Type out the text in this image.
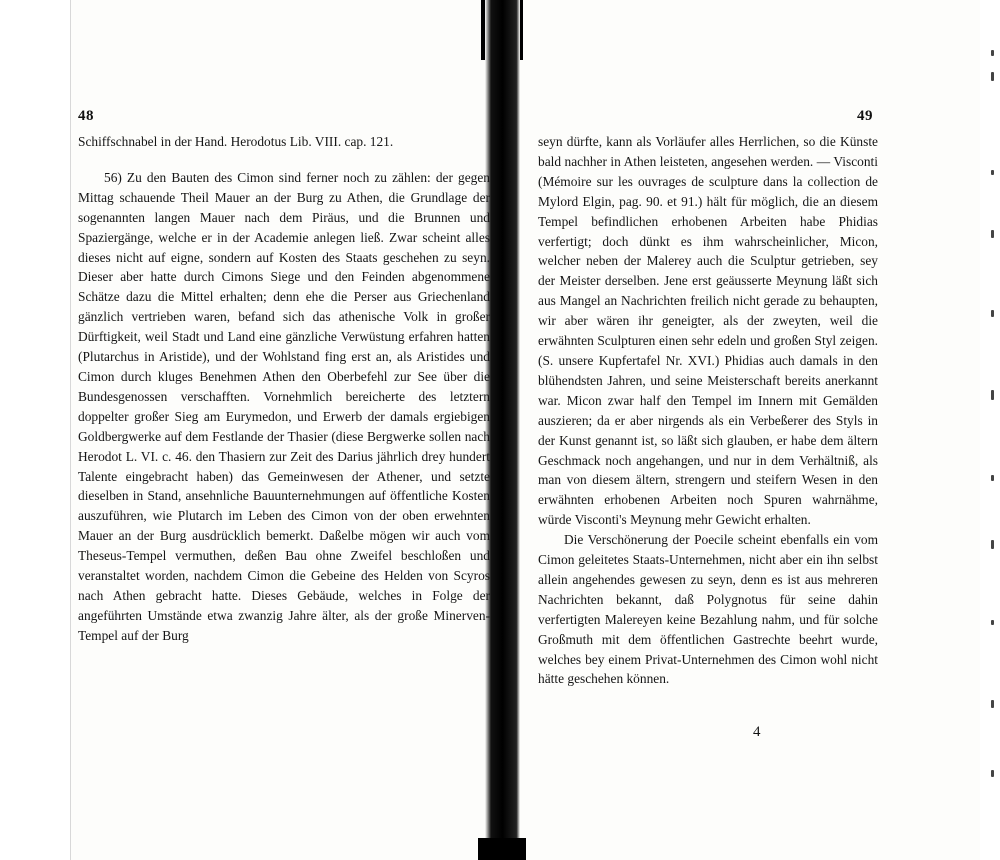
48	49

Schiffschnabel in der Hand. Herodotus Lib. VIII. cap. 121.

56) Zu den Bauten des Cimon sind ferner noch zu zählen: der gegen Mittag schauende Theil Mauer an der Burg zu Athen, die Grundlage der sogenannten langen Mauer nach dem Piräus, und die Brunnen und Spaziergänge, welche er in der Academie anlegen ließ. Zwar scheint alles dieses nicht auf eigne, sondern auf Kosten des Staats geschehen zu seyn. Dieser aber hatte durch Cimons Siege und den Feinden abgenommene Schätze dazu die Mittel erhalten; denn ehe die Perser aus Griechenland gänzlich vertrieben waren, befand sich das athenische Volk in großer Dürftigkeit, weil Stadt und Land eine gänzliche Verwüstung erfahren hatten (Plutarchus in Aristide), und der Wohlstand fing erst an, als Aristides und Cimon durch kluges Benehmen Athen den Oberbefehl zur See über die Bundesgenossen verschafften. Vornehmlich bereicherte des letztern doppelter großer Sieg am Eurymedon, und Erwerb der damals ergiebigen Goldbergwerke auf dem Festlande der Thasier (diese Bergwerke sollen nach Herodot L. VI. c. 46. den Thasiern zur Zeit des Darius jährlich drey hundert Talente eingebracht haben) das Gemeinwesen der Athener, und setzte dieselben in Stand, ansehnliche Bauunternehmungen auf öffentliche Kosten auszuführen, wie Plutarch im Leben des Cimon von der oben erwehnten Mauer an der Burg ausdrücklich bemerkt. Daßelbe mögen wir auch vom Theseus-Tempel vermuthen, deßen Bau ohne Zweifel beschloßen und veranstaltet worden, nachdem Cimon die Gebeine des Helden von Scyros nach Athen gebracht hatte. Dieses Gebäude, welches in Folge der angeführten Umstände etwa zwanzig Jahre älter, als der große Minerven-Tempel auf der Burg

seyn dürfte, kann als Vorläufer alles Herrlichen, so die Künste bald nachher in Athen leisteten, angesehen werden. — Visconti (Mémoire sur les ouvrages de sculpture dans la collection de Mylord Elgin, pag. 90. et 91.) hält für möglich, die an diesem Tempel befindlichen erhobenen Arbeiten habe Phidias verfertigt; doch dünkt es ihm wahrscheinlicher, Micon, welcher neben der Malerey auch die Sculptur getrieben, sey der Meister derselben. Jene erst geäusserte Meynung läßt sich aus Mangel an Nachrichten freilich nicht gerade zu behaupten, wir aber wären ihr geneigter, als der zweyten, weil die erwähnten Sculpturen einen sehr edeln und großen Styl zeigen. (S. unsere Kupfertafel Nr. XVI.) Phidias auch damals in den blühendsten Jahren, und seine Meisterschaft bereits anerkannt war. Micon zwar half den Tempel im Innern mit Gemälden auszieren; da er aber nirgends als ein Verbeßerer des Styls in der Kunst genannt ist, so läßt sich glauben, er habe dem ältern Geschmack noch angehangen, und nur in dem Verhältniß, als man von diesem ältern, strengern und steifern Wesen in den erwähnten erhobenen Arbeiten noch Spuren wahrnähme, würde Visconti's Meynung mehr Gewicht erhalten.

Die Verschönerung der Poecile scheint ebenfalls ein vom Cimon geleitetes Staats-Unternehmen, nicht aber ein ihn selbst allein angehendes gewesen zu seyn, denn es ist aus mehreren Nachrichten bekannt, daß Polygnotus für seine dahin verfertigten Malereyen keine Bezahlung nahm, und für solche Großmuth mit dem öffentlichen Gastrechte beehrt wurde, welches bey einem Privat-Unternehmen des Cimon wohl nicht hätte geschehen können.

4
